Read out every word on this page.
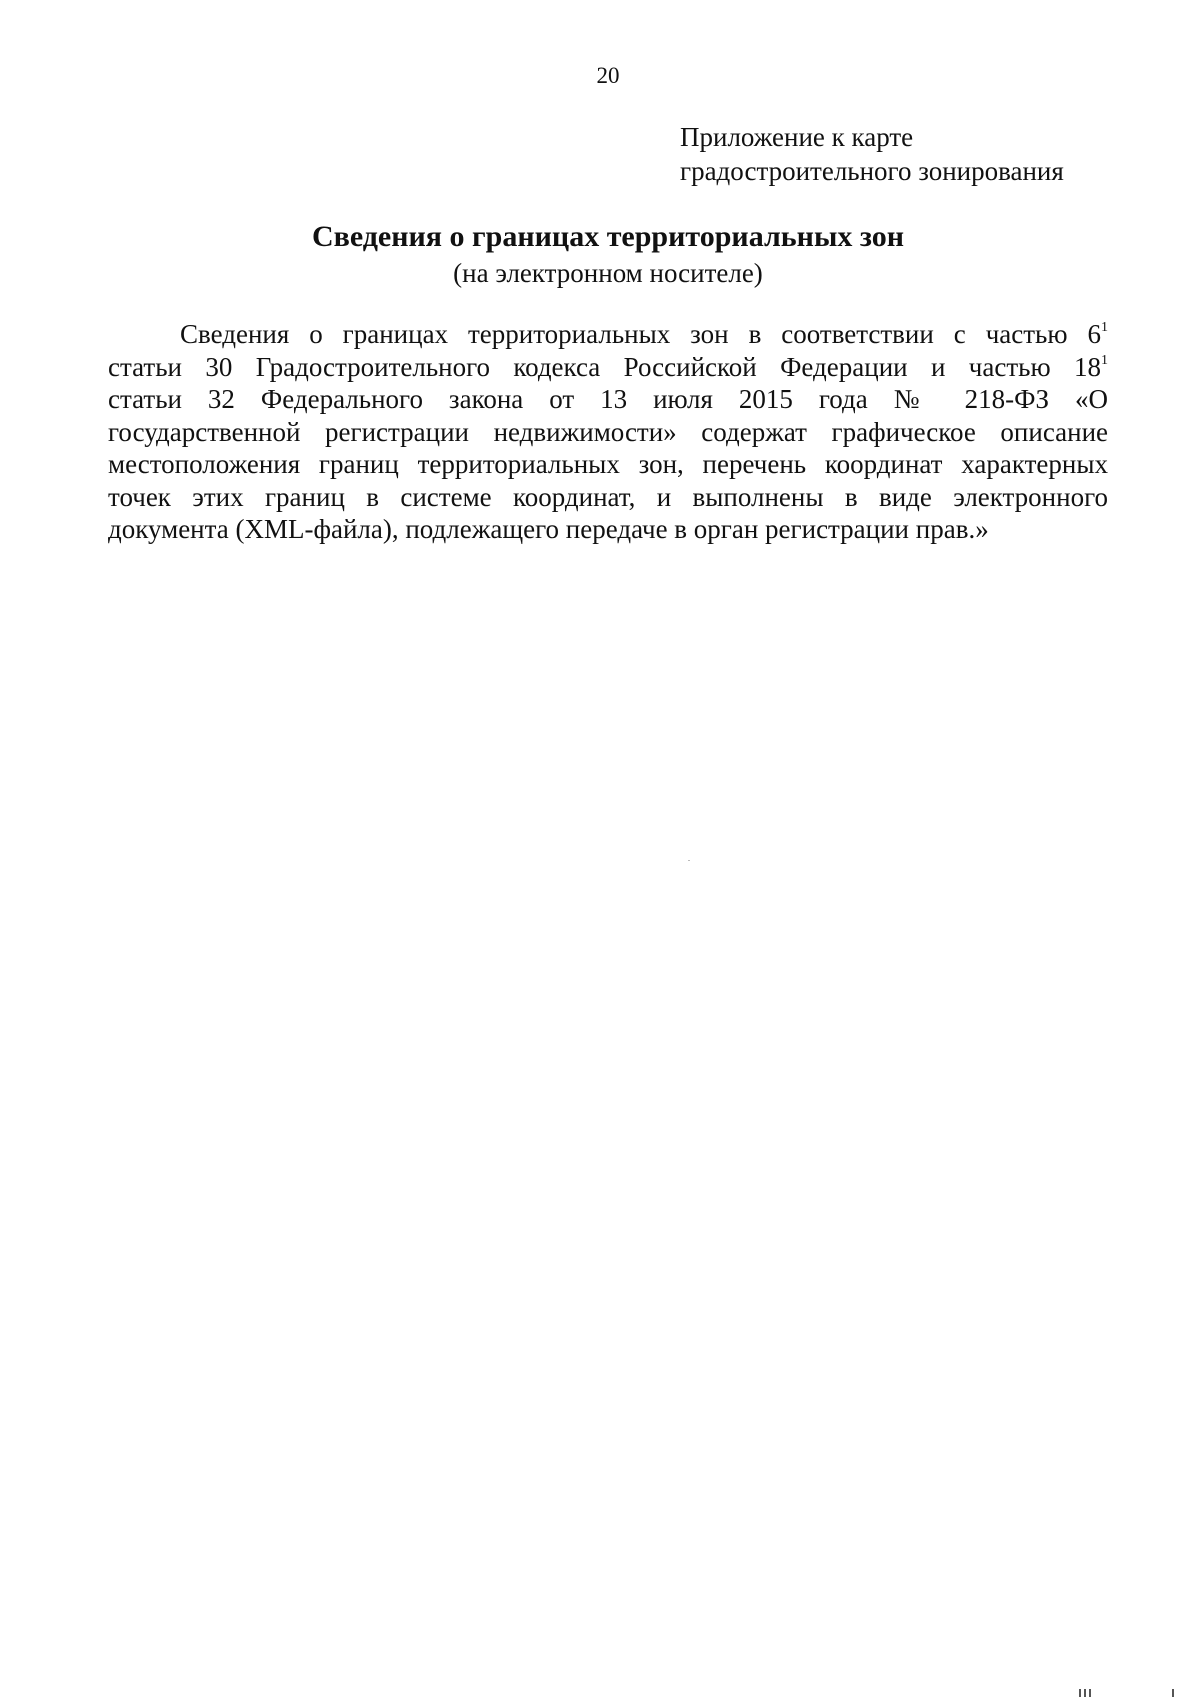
20
Приложение к карте
градостроительного зонирования
Сведения о границах территориальных зон
(на электронном носителе)
Сведения о границах территориальных зон в соответствии с частью $6^1$
статьи 30 Градостроительного кодекса Российской Федерации и частью $18^1$
статьи 32 Федерального закона от 13 июля 2015 года № 218-ФЗ «О
государственной регистрации недвижимости» содержат графическое описание
местоположения границ территориальных зон, перечень координат характерных
точек этих границ в системе координат, и выполнены в виде электронного
документа (XML-файла), подлежащего передаче в орган регистрации прав.»
